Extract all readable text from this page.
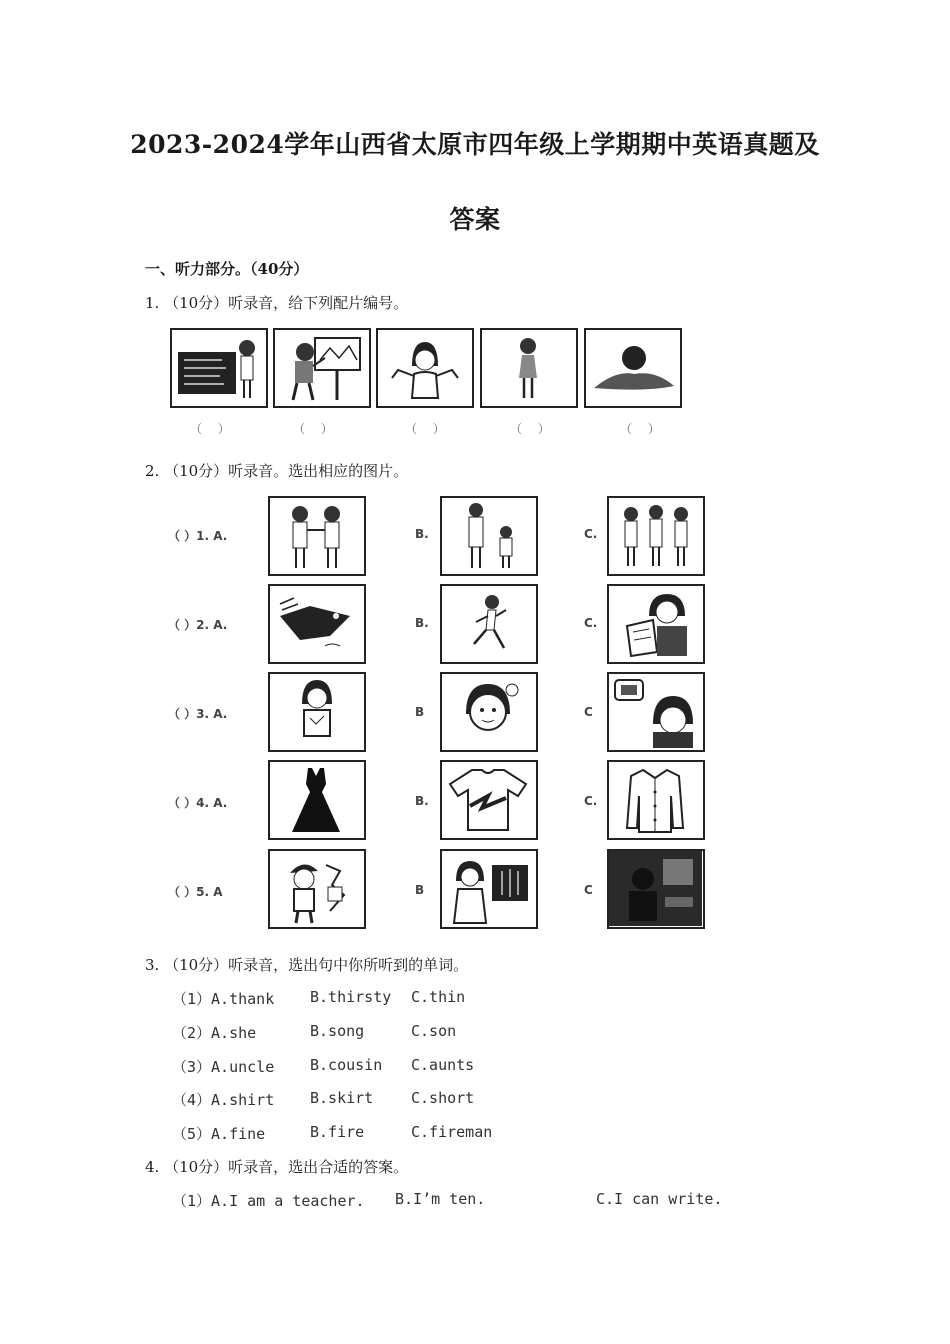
2023-2024学年山西省太原市四年级上学期期中英语真题及
答案
一、听力部分。（40分）
1. （10分）听录音，给下列配片编号。
（ ）	（ ）	（ ）	（ ）	（ ）
2. （10分）听录音。选出相应的图片。
（ ）1. A.	B.	C.
（ ）2. A.	B.	C.
（ ）3. A.	B	C
（ ）4. A.	B.	C.
（ ）5. A	B	C
3. （10分）听录音，选出句中你所听到的单词。
（1）A.thank B.thirsty C.thin
（2）A.she	B.song	C.son
（3）A.uncle B.cousin C.aunts
（4）A.shirt B.skirt	C.short
（5）A.fine	B.fire	C.fireman
4. （10分）听录音，选出合适的答案。
（1）A.I am a teacher. B.I’m ten.	C.I can write.
